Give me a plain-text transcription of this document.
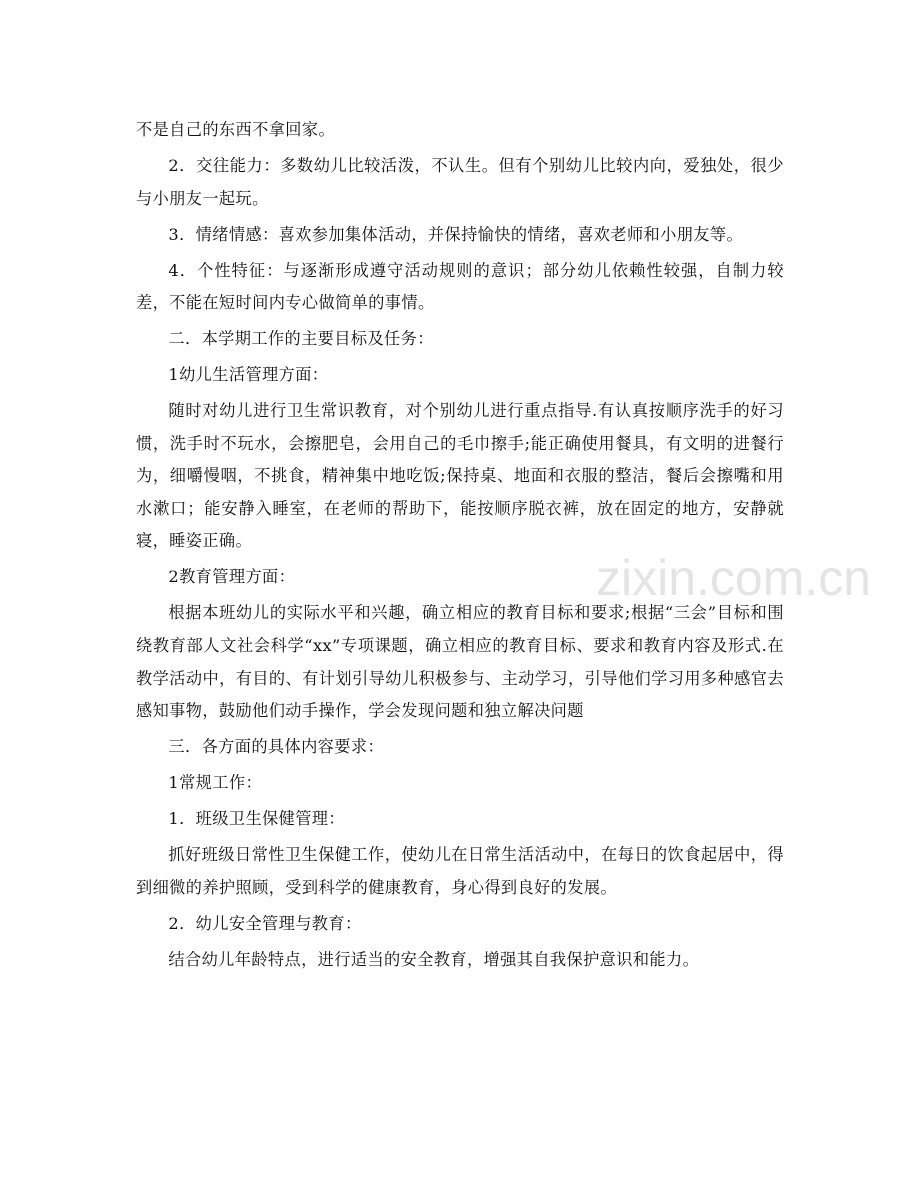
不是自己的东西不拿回家。

2．交往能力：多数幼儿比较活泼，不认生。但有个别幼儿比较内向，爱独处，很少与小朋友一起玩。

3．情绪情感：喜欢参加集体活动，并保持愉快的情绪，喜欢老师和小朋友等。

4．个性特征：与逐渐形成遵守活动规则的意识；部分幼儿依赖性较强，自制力较差，不能在短时间内专心做简单的事情。

二．本学期工作的主要目标及任务：

1幼儿生活管理方面：

随时对幼儿进行卫生常识教育，对个别幼儿进行重点指导.有认真按顺序洗手的好习惯，洗手时不玩水，会擦肥皂，会用自己的毛巾擦手;能正确使用餐具，有文明的进餐行为，细嚼慢咽，不挑食，精神集中地吃饭;保持桌、地面和衣服的整洁，餐后会擦嘴和用水漱口；能安静入睡室，在老师的帮助下，能按顺序脱衣裤，放在固定的地方，安静就寝，睡姿正确。

2教育管理方面：

根据本班幼儿的实际水平和兴趣，确立相应的教育目标和要求;根据“三会”目标和围绕教育部人文社会科学“xx”专项课题，确立相应的教育目标、要求和教育内容及形式.在教学活动中，有目的、有计划引导幼儿积极参与、主动学习，引导他们学习用多种感官去感知事物，鼓励他们动手操作，学会发现问题和独立解决问题

三．各方面的具体内容要求：

1常规工作：

1．班级卫生保健管理：

抓好班级日常性卫生保健工作，使幼儿在日常生活活动中，在每日的饮食起居中，得到细微的养护照顾，受到科学的健康教育，身心得到良好的发展。

2．幼儿安全管理与教育：

结合幼儿年龄特点，进行适当的安全教育，增强其自我保护意识和能力。

zixin.com.cn
